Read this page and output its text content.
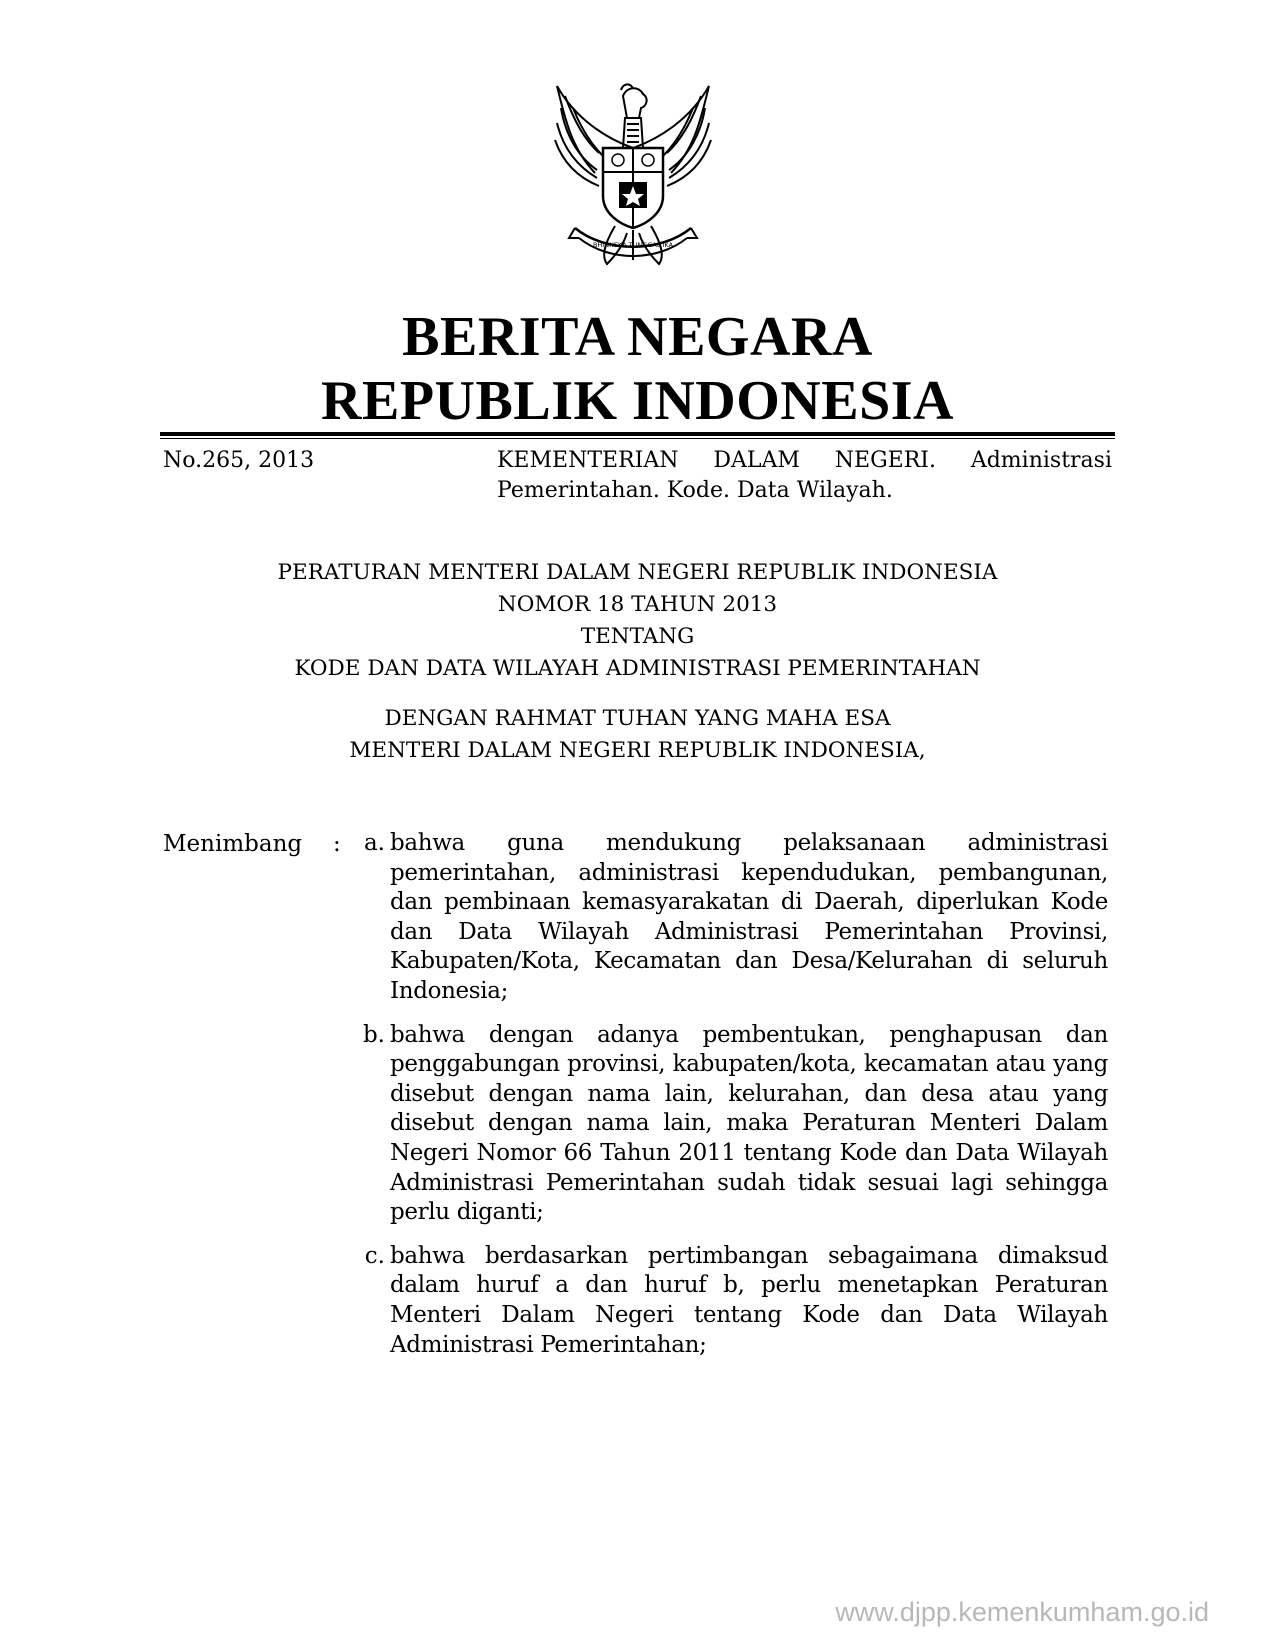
BHINNEKA TUNGGAL IKA
BERITA NEGARA
REPUBLIK INDONESIA
No.265, 2013	KEMENTERIAN DALAM NEGERI. Administrasi
Pemerintahan. Kode. Data Wilayah.
PERATURAN MENTERI DALAM NEGERI REPUBLIK INDONESIA
NOMOR 18 TAHUN 2013
TENTANG
KODE DAN DATA WILAYAH ADMINISTRASI PEMERINTAHAN
DENGAN RAHMAT TUHAN YANG MAHA ESA
MENTERI DALAM NEGERI REPUBLIK INDONESIA,
Menimbang :	a. bahwa guna mendukung pelaksanaan administrasi pemerintahan, administrasi kependudukan, pembangunan, dan pembinaan kemasyarakatan di Daerah, diperlukan Kode dan Data Wilayah Administrasi Pemerintahan Provinsi, Kabupaten/Kota, Kecamatan dan Desa/Kelurahan di seluruh Indonesia;
b. bahwa dengan adanya pembentukan, penghapusan dan penggabungan provinsi, kabupaten/kota, kecamatan atau yang disebut dengan nama lain, kelurahan, dan desa atau yang disebut dengan nama lain, maka Peraturan Menteri Dalam Negeri Nomor 66 Tahun 2011 tentang Kode dan Data Wilayah Administrasi Pemerintahan sudah tidak sesuai lagi sehingga perlu diganti;
c. bahwa berdasarkan pertimbangan sebagaimana dimaksud dalam huruf a dan huruf b, perlu menetapkan Peraturan Menteri Dalam Negeri tentang Kode dan Data Wilayah Administrasi Pemerintahan;
www.djpp.kemenkumham.go.id
